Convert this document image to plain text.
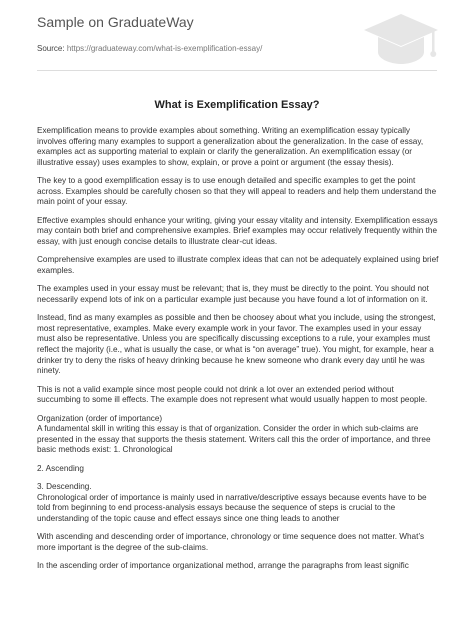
Sample on GraduateWay
Source: https://graduateway.com/what-is-exemplification-essay/
What is Exemplification Essay?

Exemplification means to provide examples about something. Writing an exemplification essay typically involves offering many examples to support a generalization about the generalization. In the case of essay, examples act as supporting material to explain or clarify the generalization. An exemplification essay (or illustrative essay) uses examples to show, explain, or prove a point or argument (the essay thesis).

The key to a good exemplification essay is to use enough detailed and specific examples to get the point across. Examples should be carefully chosen so that they will appeal to readers and help them understand the main point of your essay.

Effective examples should enhance your writing, giving your essay vitality and intensity. Exemplification essays may contain both brief and comprehensive examples. Brief examples may occur relatively frequently within the essay, with just enough concise details to illustrate clear-cut ideas.

Comprehensive examples are used to illustrate complex ideas that can not be adequately explained using brief examples.

The examples used in your essay must be relevant; that is, they must be directly to the point. You should not necessarily expend lots of ink on a particular example just because you have found a lot of information on it.

Instead, find as many examples as possible and then be choosey about what you include, using the strongest, most representative, examples. Make every example work in your favor. The examples used in your essay must also be representative. Unless you are specifically discussing exceptions to a rule, your examples must reflect the majority (i.e., what is usually the case, or what is “on average” true). You might, for example, hear a drinker try to deny the risks of heavy drinking because he knew someone who drank every day until he was ninety.

This is not a valid example since most people could not drink a lot over an extended period without succumbing to some ill effects. The example does not represent what would usually happen to most people.

Organization (order of importance)
A fundamental skill in writing this essay is that of organization. Consider the order in which sub-claims are presented in the essay that supports the thesis statement. Writers call this the order of importance, and three basic methods exist: 1. Chronological

2. Ascending

3. Descending.
Chronological order of importance is mainly used in narrative/descriptive essays because events have to be told from beginning to end process-analysis essays because the sequence of steps is crucial to the understanding of the topic cause and effect essays since one thing leads to another

With ascending and descending order of importance, chronology or time sequence does not matter. What’s more important is the degree of the sub-claims.

In the ascending order of importance organizational method, arrange the paragraphs from least signific
